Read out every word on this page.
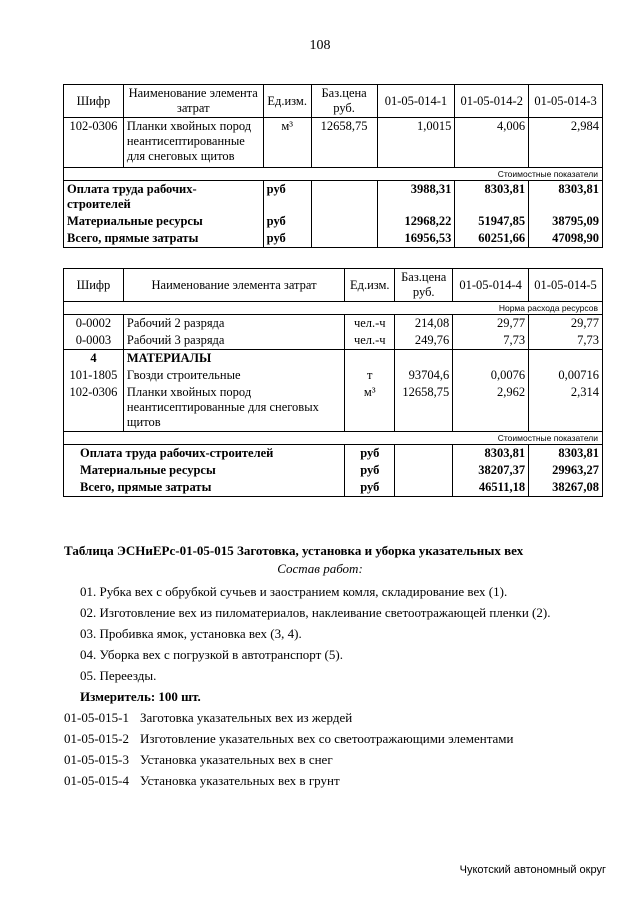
108
Шифр	Наименование элемента затрат	Ед.изм.	Баз.цена руб.	01-05-014-1	01-05-014-2	01-05-014-3
102-0306	Планки хвойных пород неантисептированные для снеговых щитов	м³	12658,75	1,0015	4,006	2,984
Стоимостные показатели						
Оплата труда рабочих-строителей		руб		3988,31	8303,81	8303,81
Материальные ресурсы		руб		12968,22	51947,85	38795,09
Всего, прямые затраты		руб		16956,53	60251,66	47098,90
Шифр	Наименование элемента затрат	Ед.изм.	Баз.цена руб.	01-05-014-4	01-05-014-5
Норма расхода ресурсов					
0-0002	Рабочий 2 разряда	чел.-ч	214,08	29,77	29,77
0-0003	Рабочий 3 разряда	чел.-ч	249,76	7,73	7,73
4	МАТЕРИАЛЫ				
101-1805	Гвозди строительные	т	93704,6	0,0076	0,00716
102-0306	Планки хвойных пород неантисептированные для снеговых щитов	м³	12658,75	2,962	2,314
Стоимостные показатели					
Оплата труда рабочих-строителей		руб		8303,81	8303,81
Материальные ресурсы		руб		38207,37	29963,27
Всего, прямые затраты		руб		46511,18	38267,08
Таблица ЭСНиЕРс-01-05-015 Заготовка, установка и уборка указательных вех
Состав работ:
01. Рубка вех с обрубкой сучьев и заостранием комля, складирование вех (1).
02. Изготовление вех из пиломатериалов, наклеивание светоотражающей пленки (2).
03. Пробивка ямок, установка вех (3, 4).
04. Уборка вех с погрузкой в автотранспорт (5).
05. Переезды.
Измеритель: 100 шт.
01-05-015-1 Заготовка указательных вех из жердей
01-05-015-2 Изготовление указательных вех со светоотражающими элементами
01-05-015-3 Установка указательных вех в снег
01-05-015-4 Установка указательных вех в грунт
Чукотский автономный округ
